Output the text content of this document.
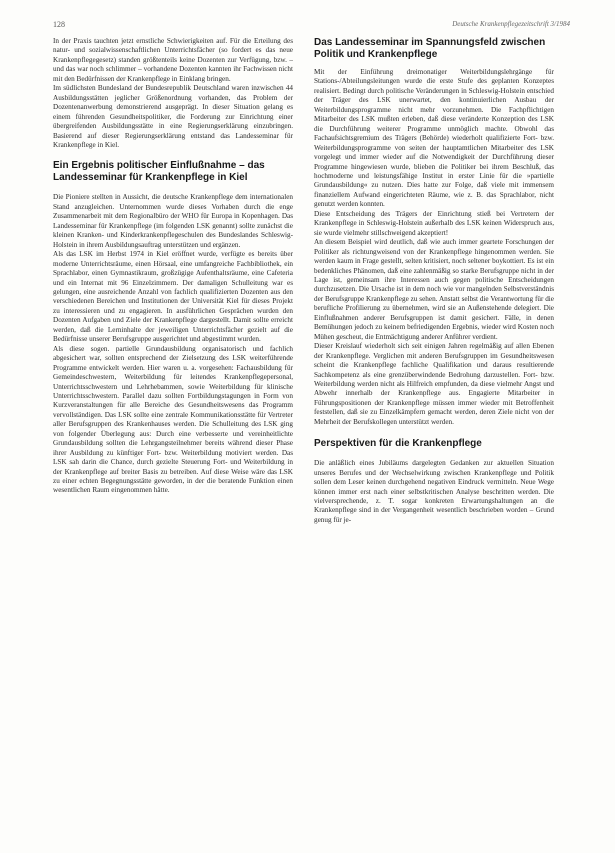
128	Deutsche Krankenpflegezeitschrift 3/1984

In der Praxis tauchten jetzt ernstliche Schwierigkeiten auf. Für die Erteilung des natur- und sozialwissenschaftlichen Unterrichtsfächer (so fordert es das neue Krankenpflegegesetz) standen größtenteils keine Dozenten zur Verfügung, bzw. – und das war noch schlimmer – vorhandene Dozenten kannten ihr Fachwissen nicht mit den Bedürfnissen der Krankenpflege in Einklang bringen.

Im südlichsten Bundesland der Bundesrepublik Deutschland waren inzwischen 44 Ausbildungsstätten jeglicher Größenordnung vorhanden, das Problem der Dozentenanwerbung demonstrierend ausgeprägt. In dieser Situation gelang es einem führenden Gesundheitspolitiker, die Forderung zur Einrichtung einer übergreifenden Ausbildungsstätte in eine Regierungserklärung einzubringen. Basierend auf dieser Regierungserklärung entstand das Landesseminar für Krankenpflege in Kiel.

Ein Ergebnis politischer Einflußnahme – das Landesseminar für Krankenpflege in Kiel

Die Pioniere stellten in Aussicht, die deutsche Krankenpflege dem internationalen Stand anzugleichen. Unternommen wurde dieses Vorhaben durch die enge Zusammenarbeit mit dem Regionalbüro der WHO für Europa in Kopenhagen. Das Landesseminar für Krankenpflege (im folgenden LSK genannt) sollte zunächst die kleinen Kranken- und Kinderkrankenpflegeschulen des Bundeslandes Schleswig-Holstein in ihrem Ausbildungsauftrag unterstützen und ergänzen.

Als das LSK im Herbst 1974 in Kiel eröffnet wurde, verfügte es bereits über moderne Unterrichtsräume, einen Hörsaal, eine umfangreiche Fachbibliothek, ein Sprachlabor, einen Gymnastikraum, großzügige Aufenthaltsräume, eine Cafeteria und ein Internat mit 96 Einzelzimmern. Der damaligen Schulleitung war es gelungen, eine ausreichende Anzahl von fachlich qualifizierten Dozenten aus den verschiedenen Bereichen und Institutionen der Universität Kiel für dieses Projekt zu interessieren und zu engagieren. In ausführlichen Gesprächen wurden den Dozenten Aufgaben und Ziele der Krankenpflege dargestellt. Damit sollte erreicht werden, daß die Lerninhalte der jeweiligen Unterrichtsfächer gezielt auf die Bedürfnisse unserer Berufsgruppe ausgerichtet und abgestimmt wurden.

Als diese sogen. partielle Grundausbildung organisatorisch und fachlich abgesichert war, sollten entsprechend der Zielsetzung des LSK weiterführende Programme entwickelt werden. Hier waren u. a. vorgesehen: Fachausbildung für Gemeindeschwestern, Weiterbildung für leitendes Krankenpflegepersonal, Unterrichtsschwestern und Lehrhebammen, sowie Weiterbildung für klinische Unterrichtsschwestern. Parallel dazu sollten Fortbildungstagungen in Form von Kurzveranstaltungen für alle Bereiche des Gesundheitswesens das Programm vervollständigen. Das LSK sollte eine zentrale Kommunikationsstätte für Vertreter aller Berufsgruppen des Krankenhauses werden. Die Schulleitung des LSK ging von folgender Überlegung aus: Durch eine verbesserte und vereinheitlichte Grundausbildung sollten die Lehrgangsteilnehmer bereits während dieser Phase ihrer Ausbildung zu künftiger Fort- bzw. Weiterbildung motiviert werden. Das LSK sah darin die Chance, durch gezielte Steuerung Fort- und Weiterbildung in der Krankenpflege auf breiter Basis zu betreiben. Auf diese Weise wäre das LSK zu einer echten Begegnungsstätte geworden, in der die beratende Funktion einen wesentlichen Raum eingenommen hätte.

Das Landesseminar im Spannungsfeld zwischen Politik und Krankenpflege

Mit der Einführung dreimonatiger Weiterbildungslehrgänge für Stations-/Abteilungsleitungen wurde die erste Stufe des geplanten Konzeptes realisiert. Bedingt durch politische Veränderungen in Schleswig-Holstein entschied der Träger des LSK unerwartet, den kontinuierlichen Ausbau der Weiterbildungsprogramme nicht mehr vorzunehmen. Die Fachpflichtigen Mitarbeiter des LSK mußten erleben, daß diese veränderte Konzeption des LSK die Durchführung weiterer Programme unmöglich machte. Obwohl das Fachaufsichtsgremium des Trägers (Behörde) wiederholt qualifizierte Fort- bzw. Weiterbildungsprogramme von seiten der hauptamtlichen Mitarbeiter des LSK vorgelegt und immer wieder auf die Notwendigkeit der Durchführung dieser Programme hingewiesen wurde, blieben die Politiker bei ihrem Beschluß, das hochmoderne und leistungsfähige Institut in erster Linie für die »partielle Grundausbildung« zu nutzen. Dies hatte zur Folge, daß viele mit immensem finanziellem Aufwand eingerichteten Räume, wie z. B. das Sprachlabor, nicht genutzt werden konnten.

Diese Entscheidung des Trägers der Einrichtung stieß bei Vertretern der Krankenpflege in Schleswig-Holstein außerhalb des LSK keinen Widerspruch aus, sie wurde vielmehr stillschweigend akzeptiert!

An diesem Beispiel wird deutlich, daß wie auch immer geartete Forschungen der Politiker als richtungweisend von der Krankenpflege hingenommen werden. Sie werden kaum in Frage gestellt, selten kritisiert, noch seltener boykottiert. Es ist ein bedenkliches Phänomen, daß eine zahlenmäßig so starke Berufsgruppe nicht in der Lage ist, gemeinsam ihre Interessen auch gegen politische Entscheidungen durchzusetzen. Die Ursache ist in dem noch wie vor mangelnden Selbstverständnis der Berufsgruppe Krankenpflege zu sehen. Anstatt selbst die Verantwortung für die berufliche Profilierung zu übernehmen, wird sie an Außenstehende delegiert. Die Einflußnahmen anderer Berufsgruppen ist damit gesichert. Fälle, in denen Bemühungen jedoch zu keinem befriedigenden Ergebnis, wieder wird Kosten noch Mühen gescheut, die Entmächtigung anderer Anführer verdient.

Dieser Kreislauf wiederholt sich seit einigen Jahren regelmäßig auf allen Ebenen der Krankenpflege. Verglichen mit anderen Berufsgruppen im Gesundheitswesen scheint die Krankenpflege fachliche Qualifikation und daraus resultierende Sachkompetenz als eine grenzüberwindende Bedrohung darzustellen. Fort- bzw. Weiterbildung werden nicht als Hilfreich empfunden, da diese vielmehr Angst und Abwehr innerhalb der Krankenpflege aus. Engagierte Mitarbeiter in Führungspositionen der Krankenpflege müssen immer wieder mit Betroffenheit feststellen, daß sie zu Einzelkämpfern gemacht werden, deren Ziele nicht von der Mehrheit der Berufskollegen unterstützt werden.

Perspektiven für die Krankenpflege

Die anläßlich eines Jubiläums dargelegten Gedanken zur aktuellen Situation unseres Berufes und der Wechselwirkung zwischen Krankenpflege und Politik sollen dem Leser keinen durchgehend negativen Eindruck vermitteln. Neue Wege können immer erst nach einer selbstkritischen Analyse beschritten werden. Die vielversprechende, z. T. sogar konkreten Erwartungshaltungen an die Krankenpflege sind in der Vergangenheit wesentlich beschrieben worden – Grund genug für je-
